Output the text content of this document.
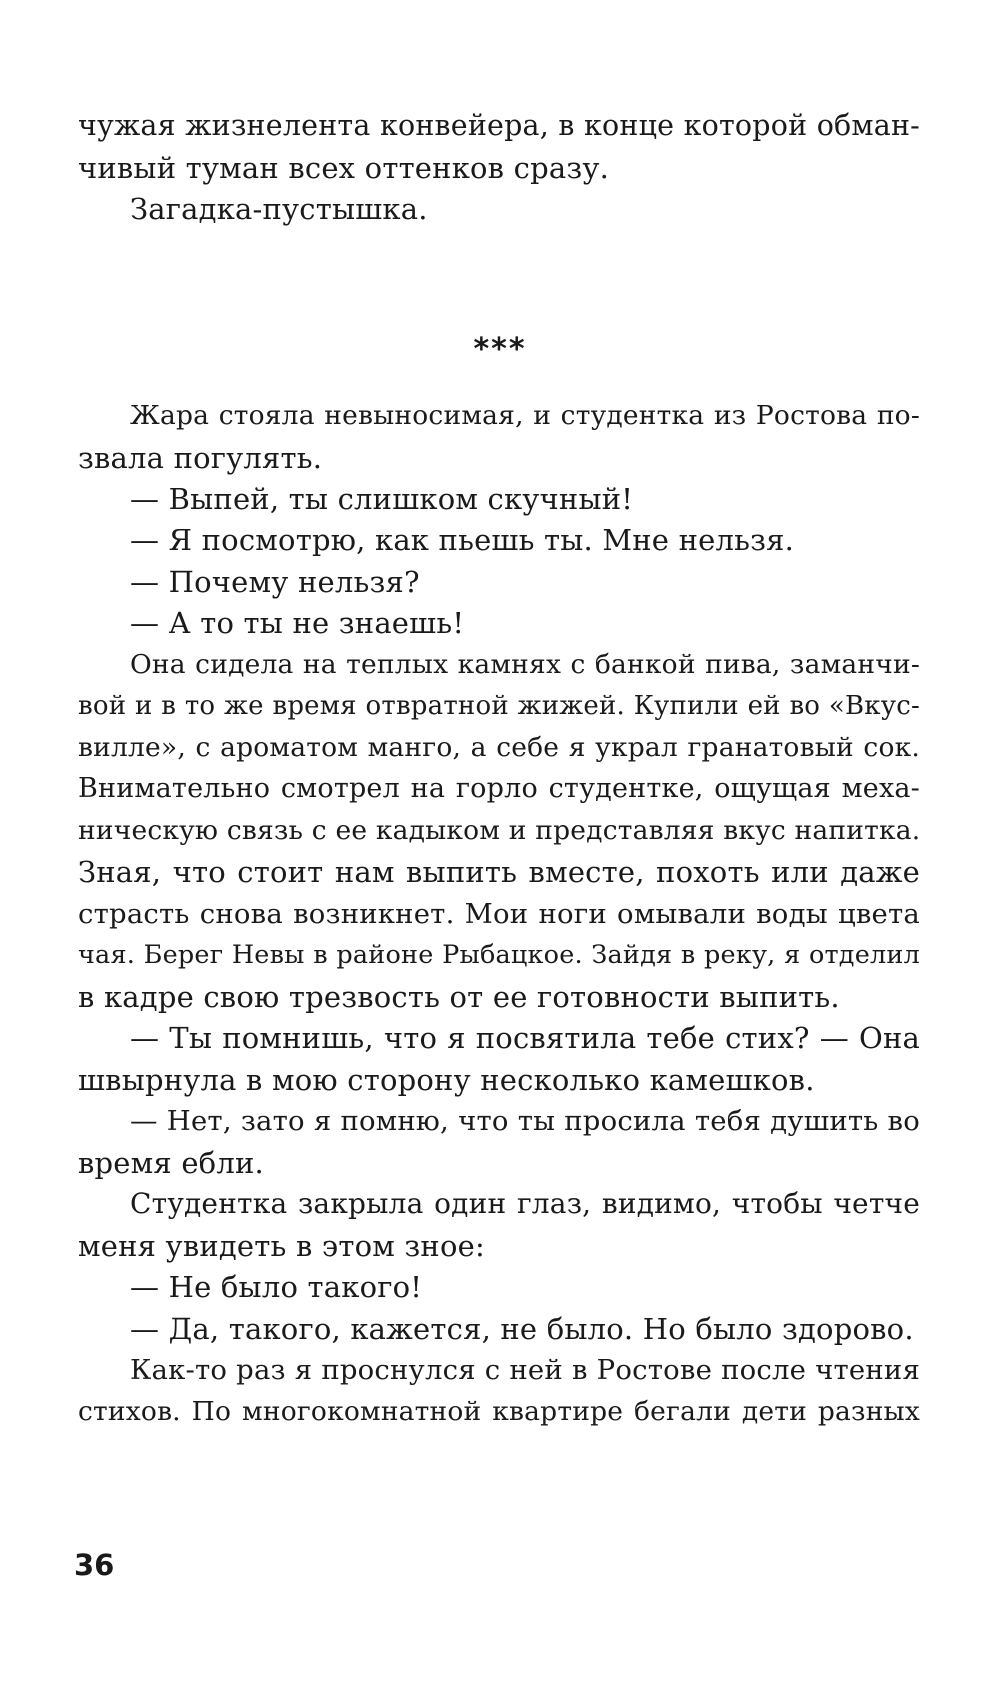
чужая жизнелента конвейера, в конце которой обман-
чивый туман всех оттенков сразу.
Загадка-пустышка.
***
Жара стояла невыносимая, и студентка из Ростова по-
звала погулять.
— Выпей, ты слишком скучный!
— Я посмотрю, как пьешь ты. Мне нельзя.
— Почему нельзя?
— А то ты не знаешь!
Она сидела на теплых камнях с банкой пива, заманчи-
вой и в то же время отвратной жижей. Купили ей во «Вкус-
вилле», с ароматом манго, а себе я украл гранатовый сок.
Внимательно смотрел на горло студентке, ощущая меха-
ническую связь с ее кадыком и представляя вкус напитка.
Зная, что стоит нам выпить вместе, похоть или даже
страсть снова возникнет. Мои ноги омывали воды цвета
чая. Берег Невы в районе Рыбацкое. Зайдя в реку, я отделил
в кадре свою трезвость от ее готовности выпить.
— Ты помнишь, что я посвятила тебе стих? — Она
швырнула в мою сторону несколько камешков.
— Нет, зато я помню, что ты просила тебя душить во
время ебли.
Студентка закрыла один глаз, видимо, чтобы четче
меня увидеть в этом зное:
— Не было такого!
— Да, такого, кажется, не было. Но было здорово.
Как-то раз я проснулся с ней в Ростове после чтения
стихов. По многокомнатной квартире бегали дети разных
36
